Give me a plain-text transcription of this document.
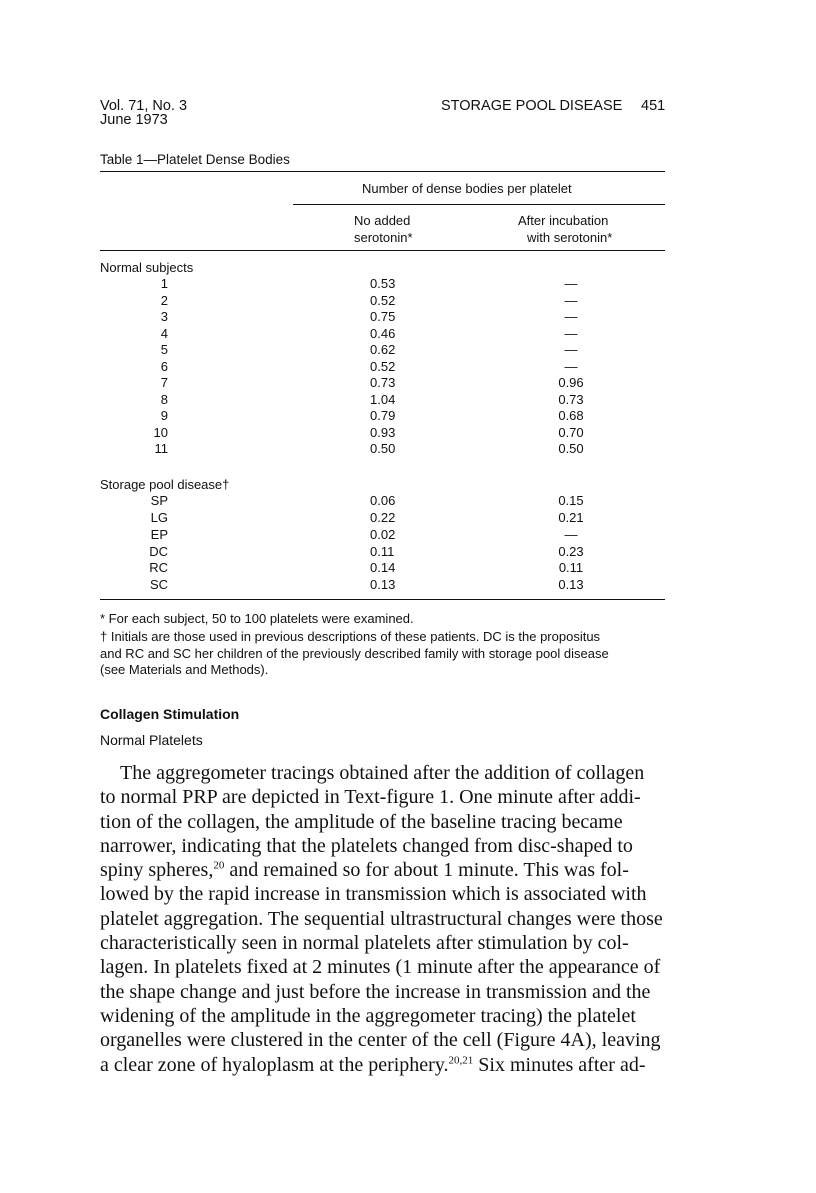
Vol. 71, No. 3
June 1973
STORAGE POOL DISEASE 451
Table 1—Platelet Dense Bodies
Number of dense bodies per platelet
No added
serotonin*
After incubation
with serotonin*
Normal subjects
1	0.53	—
2	0.52	—
3	0.75	—
4	0.46	—
5	0.62	—
6	0.52	—
7	0.73	0.96
8	1.04	0.73
9	0.79	0.68
10	0.93	0.70
11	0.50	0.50
Storage pool disease†
SP	0.06	0.15
LG	0.22	0.21
EP	0.02	—
DC	0.11	0.23
RC	0.14	0.11
SC	0.13	0.13
* For each subject, 50 to 100 platelets were examined.
† Initials are those used in previous descriptions of these patients. DC is the propositus
and RC and SC her children of the previously described family with storage pool disease
(see Materials and Methods).
Collagen Stimulation
Normal Platelets
The aggregometer tracings obtained after the addition of collagen
to normal PRP are depicted in Text-figure 1. One minute after addi-
tion of the collagen, the amplitude of the baseline tracing became
narrower, indicating that the platelets changed from disc-shaped to
spiny spheres,$^{20}$ and remained so for about 1 minute. This was fol-
lowed by the rapid increase in transmission which is associated with
platelet aggregation. The sequential ultrastructural changes were those
characteristically seen in normal platelets after stimulation by col-
lagen. In platelets fixed at 2 minutes (1 minute after the appearance of
the shape change and just before the increase in transmission and the
widening of the amplitude in the aggregometer tracing) the platelet
organelles were clustered in the center of the cell (Figure 4A), leaving
a clear zone of hyaloplasm at the periphery.$^{20,21}$ Six minutes after ad-
